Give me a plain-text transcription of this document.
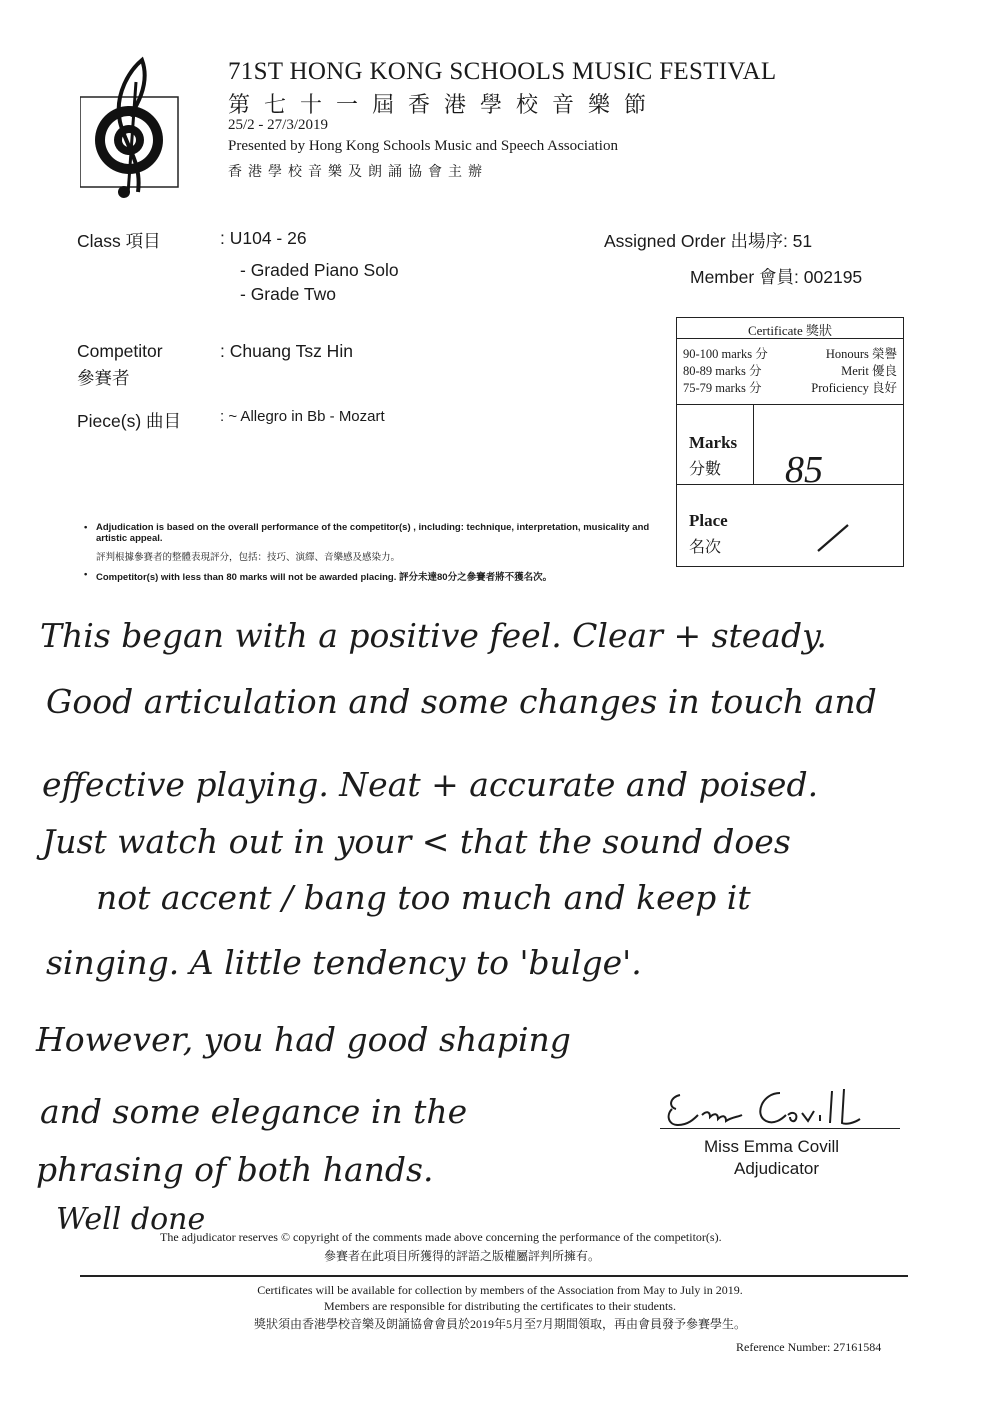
71ST HONG KONG SCHOOLS MUSIC FESTIVAL
第七十一屆香港學校音樂節
25/2 - 27/3/2019
Presented by Hong Kong Schools Music and Speech Association
香港學校音樂及朗誦協會主辦
Class 項目	: U104 - 26
- Graded Piano Solo
- Grade Two
Assigned Order 出場序: 51
Member 會員: 002195
Competitor
參賽者
: Chuang Tsz Hin
Piece(s) 曲目	: ~ Allegro in Bb - Mozart
Certificate 獎狀
90-100 marks 分	Honours 榮譽
80-89 marks 分	Merit 優良
75-79 marks 分	Proficiency 良好
Marks
分數 85
Place
名次
• Adjudication is based on the overall performance of the competitor(s) , including: technique, interpretation, musicality and artistic appeal.
評判根據參賽者的整體表現評分，包括：技巧、演繹、音樂感及感染力。
• Competitor(s) with less than 80 marks will not be awarded placing. 評分未達80分之參賽者將不獲名次。
This began with a positive feel. Clear + steady.
Good articulation and some changes in touch and
effective playing. Neat + accurate and poised.
Just watch out in your < that the sound does
not accent / bang too much and keep it
singing. A little tendency to 'bulge'.
However, you had good shaping
and some elegance in the
phrasing of both hands.
Well done
Miss Emma Covill
Adjudicator
The adjudicator reserves © copyright of the comments made above concerning the performance of the competitor(s).
參賽者在此項目所獲得的評語之版權屬評判所擁有。
Certificates will be available for collection by members of the Association from May to July in 2019.
Members are responsible for distributing the certificates to their students.
獎狀須由香港學校音樂及朗誦協會會員於2019年5月至7月期間領取，再由會員發予參賽學生。
Reference Number: 27161584
